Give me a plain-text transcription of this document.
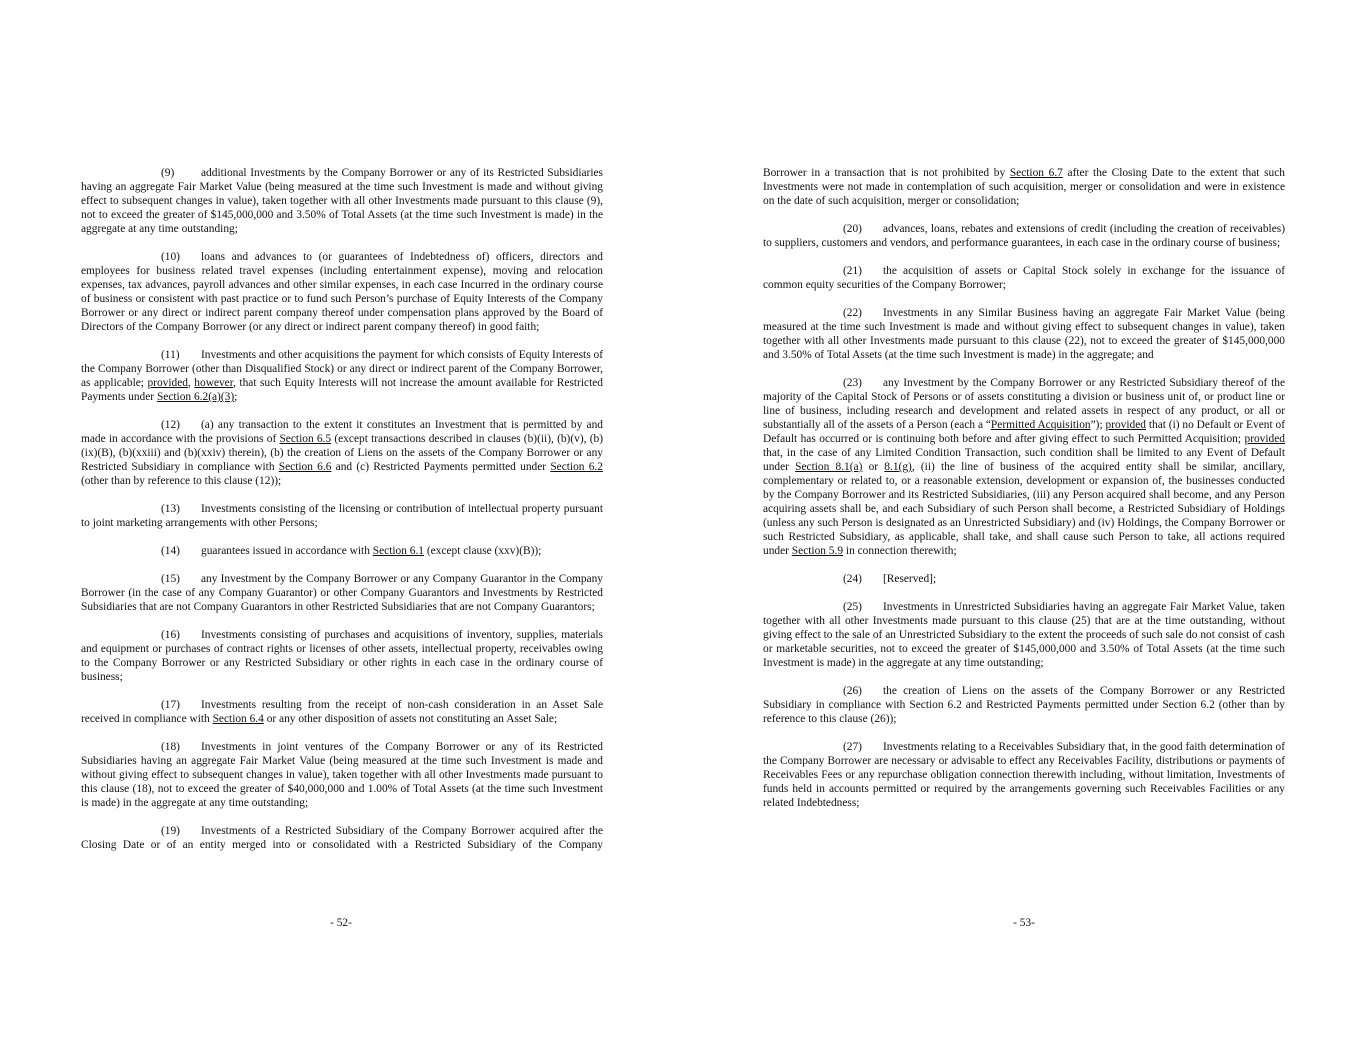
(9) additional Investments by the Company Borrower or any of its Restricted Subsidiaries having an aggregate Fair Market Value (being measured at the time such Investment is made and without giving effect to subsequent changes in value), taken together with all other Investments made pursuant to this clause (9), not to exceed the greater of $145,000,000 and 3.50% of Total Assets (at the time such Investment is made) in the aggregate at any time outstanding;

(10) loans and advances to (or guarantees of Indebtedness of) officers, directors and employees for business related travel expenses (including entertainment expense), moving and relocation expenses, tax advances, payroll advances and other similar expenses, in each case Incurred in the ordinary course of business or consistent with past practice or to fund such Person’s purchase of Equity Interests of the Company Borrower or any direct or indirect parent company thereof under compensation plans approved by the Board of Directors of the Company Borrower (or any direct or indirect parent company thereof) in good faith;

(11) Investments and other acquisitions the payment for which consists of Equity Interests of the Company Borrower (other than Disqualified Stock) or any direct or indirect parent of the Company Borrower, as applicable; provided, however, that such Equity Interests will not increase the amount available for Restricted Payments under Section 6.2(a)(3);

(12) (a) any transaction to the extent it constitutes an Investment that is permitted by and made in accordance with the provisions of Section 6.5 (except transactions described in clauses (b)(ii), (b)(v), (b)(ix)(B), (b)(xxiii) and (b)(xxiv) therein), (b) the creation of Liens on the assets of the Company Borrower or any Restricted Subsidiary in compliance with Section 6.6 and (c) Restricted Payments permitted under Section 6.2 (other than by reference to this clause (12));

(13) Investments consisting of the licensing or contribution of intellectual property pursuant to joint marketing arrangements with other Persons;

(14) guarantees issued in accordance with Section 6.1 (except clause (xxv)(B));

(15) any Investment by the Company Borrower or any Company Guarantor in the Company Borrower (in the case of any Company Guarantor) or other Company Guarantors and Investments by Restricted Subsidiaries that are not Company Guarantors in other Restricted Subsidiaries that are not Company Guarantors;

(16) Investments consisting of purchases and acquisitions of inventory, supplies, materials and equipment or purchases of contract rights or licenses of other assets, intellectual property, receivables owing to the Company Borrower or any Restricted Subsidiary or other rights in each case in the ordinary course of business;

(17) Investments resulting from the receipt of non-cash consideration in an Asset Sale received in compliance with Section 6.4 or any other disposition of assets not constituting an Asset Sale;

(18) Investments in joint ventures of the Company Borrower or any of its Restricted Subsidiaries having an aggregate Fair Market Value (being measured at the time such Investment is made and without giving effect to subsequent changes in value), taken together with all other Investments made pursuant to this clause (18), not to exceed the greater of $40,000,000 and 1.00% of Total Assets (at the time such Investment is made) in the aggregate at any time outstanding;

(19) Investments of a Restricted Subsidiary of the Company Borrower acquired after the Closing Date or of an entity merged into or consolidated with a Restricted Subsidiary of the Company

- 52-

Borrower in a transaction that is not prohibited by Section 6.7 after the Closing Date to the extent that such Investments were not made in contemplation of such acquisition, merger or consolidation and were in existence on the date of such acquisition, merger or consolidation;

(20) advances, loans, rebates and extensions of credit (including the creation of receivables) to suppliers, customers and vendors, and performance guarantees, in each case in the ordinary course of business;

(21) the acquisition of assets or Capital Stock solely in exchange for the issuance of common equity securities of the Company Borrower;

(22) Investments in any Similar Business having an aggregate Fair Market Value (being measured at the time such Investment is made and without giving effect to subsequent changes in value), taken together with all other Investments made pursuant to this clause (22), not to exceed the greater of $145,000,000 and 3.50% of Total Assets (at the time such Investment is made) in the aggregate; and

(23) any Investment by the Company Borrower or any Restricted Subsidiary thereof of the majority of the Capital Stock of Persons or of assets constituting a division or business unit of, or product line or line of business, including research and development and related assets in respect of any product, or all or substantially all of the assets of a Person (each a “Permitted Acquisition”); provided that (i) no Default or Event of Default has occurred or is continuing both before and after giving effect to such Permitted Acquisition; provided that, in the case of any Limited Condition Transaction, such condition shall be limited to any Event of Default under Section 8.1(a) or 8.1(g), (ii) the line of business of the acquired entity shall be similar, ancillary, complementary or related to, or a reasonable extension, development or expansion of, the businesses conducted by the Company Borrower and its Restricted Subsidiaries, (iii) any Person acquired shall become, and any Person acquiring assets shall be, and each Subsidiary of such Person shall become, a Restricted Subsidiary of Holdings (unless any such Person is designated as an Unrestricted Subsidiary) and (iv) Holdings, the Company Borrower or such Restricted Subsidiary, as applicable, shall take, and shall cause such Person to take, all actions required under Section 5.9 in connection therewith;

(24) [Reserved];

(25) Investments in Unrestricted Subsidiaries having an aggregate Fair Market Value, taken together with all other Investments made pursuant to this clause (25) that are at the time outstanding, without giving effect to the sale of an Unrestricted Subsidiary to the extent the proceeds of such sale do not consist of cash or marketable securities, not to exceed the greater of $145,000,000 and 3.50% of Total Assets (at the time such Investment is made) in the aggregate at any time outstanding;

(26) the creation of Liens on the assets of the Company Borrower or any Restricted Subsidiary in compliance with Section 6.2 and Restricted Payments permitted under Section 6.2 (other than by reference to this clause (26));

(27) Investments relating to a Receivables Subsidiary that, in the good faith determination of the Company Borrower are necessary or advisable to effect any Receivables Facility, distributions or payments of Receivables Fees or any repurchase obligation connection therewith including, without limitation, Investments of funds held in accounts permitted or required by the arrangements governing such Receivables Facilities or any related Indebtedness;

- 53-
